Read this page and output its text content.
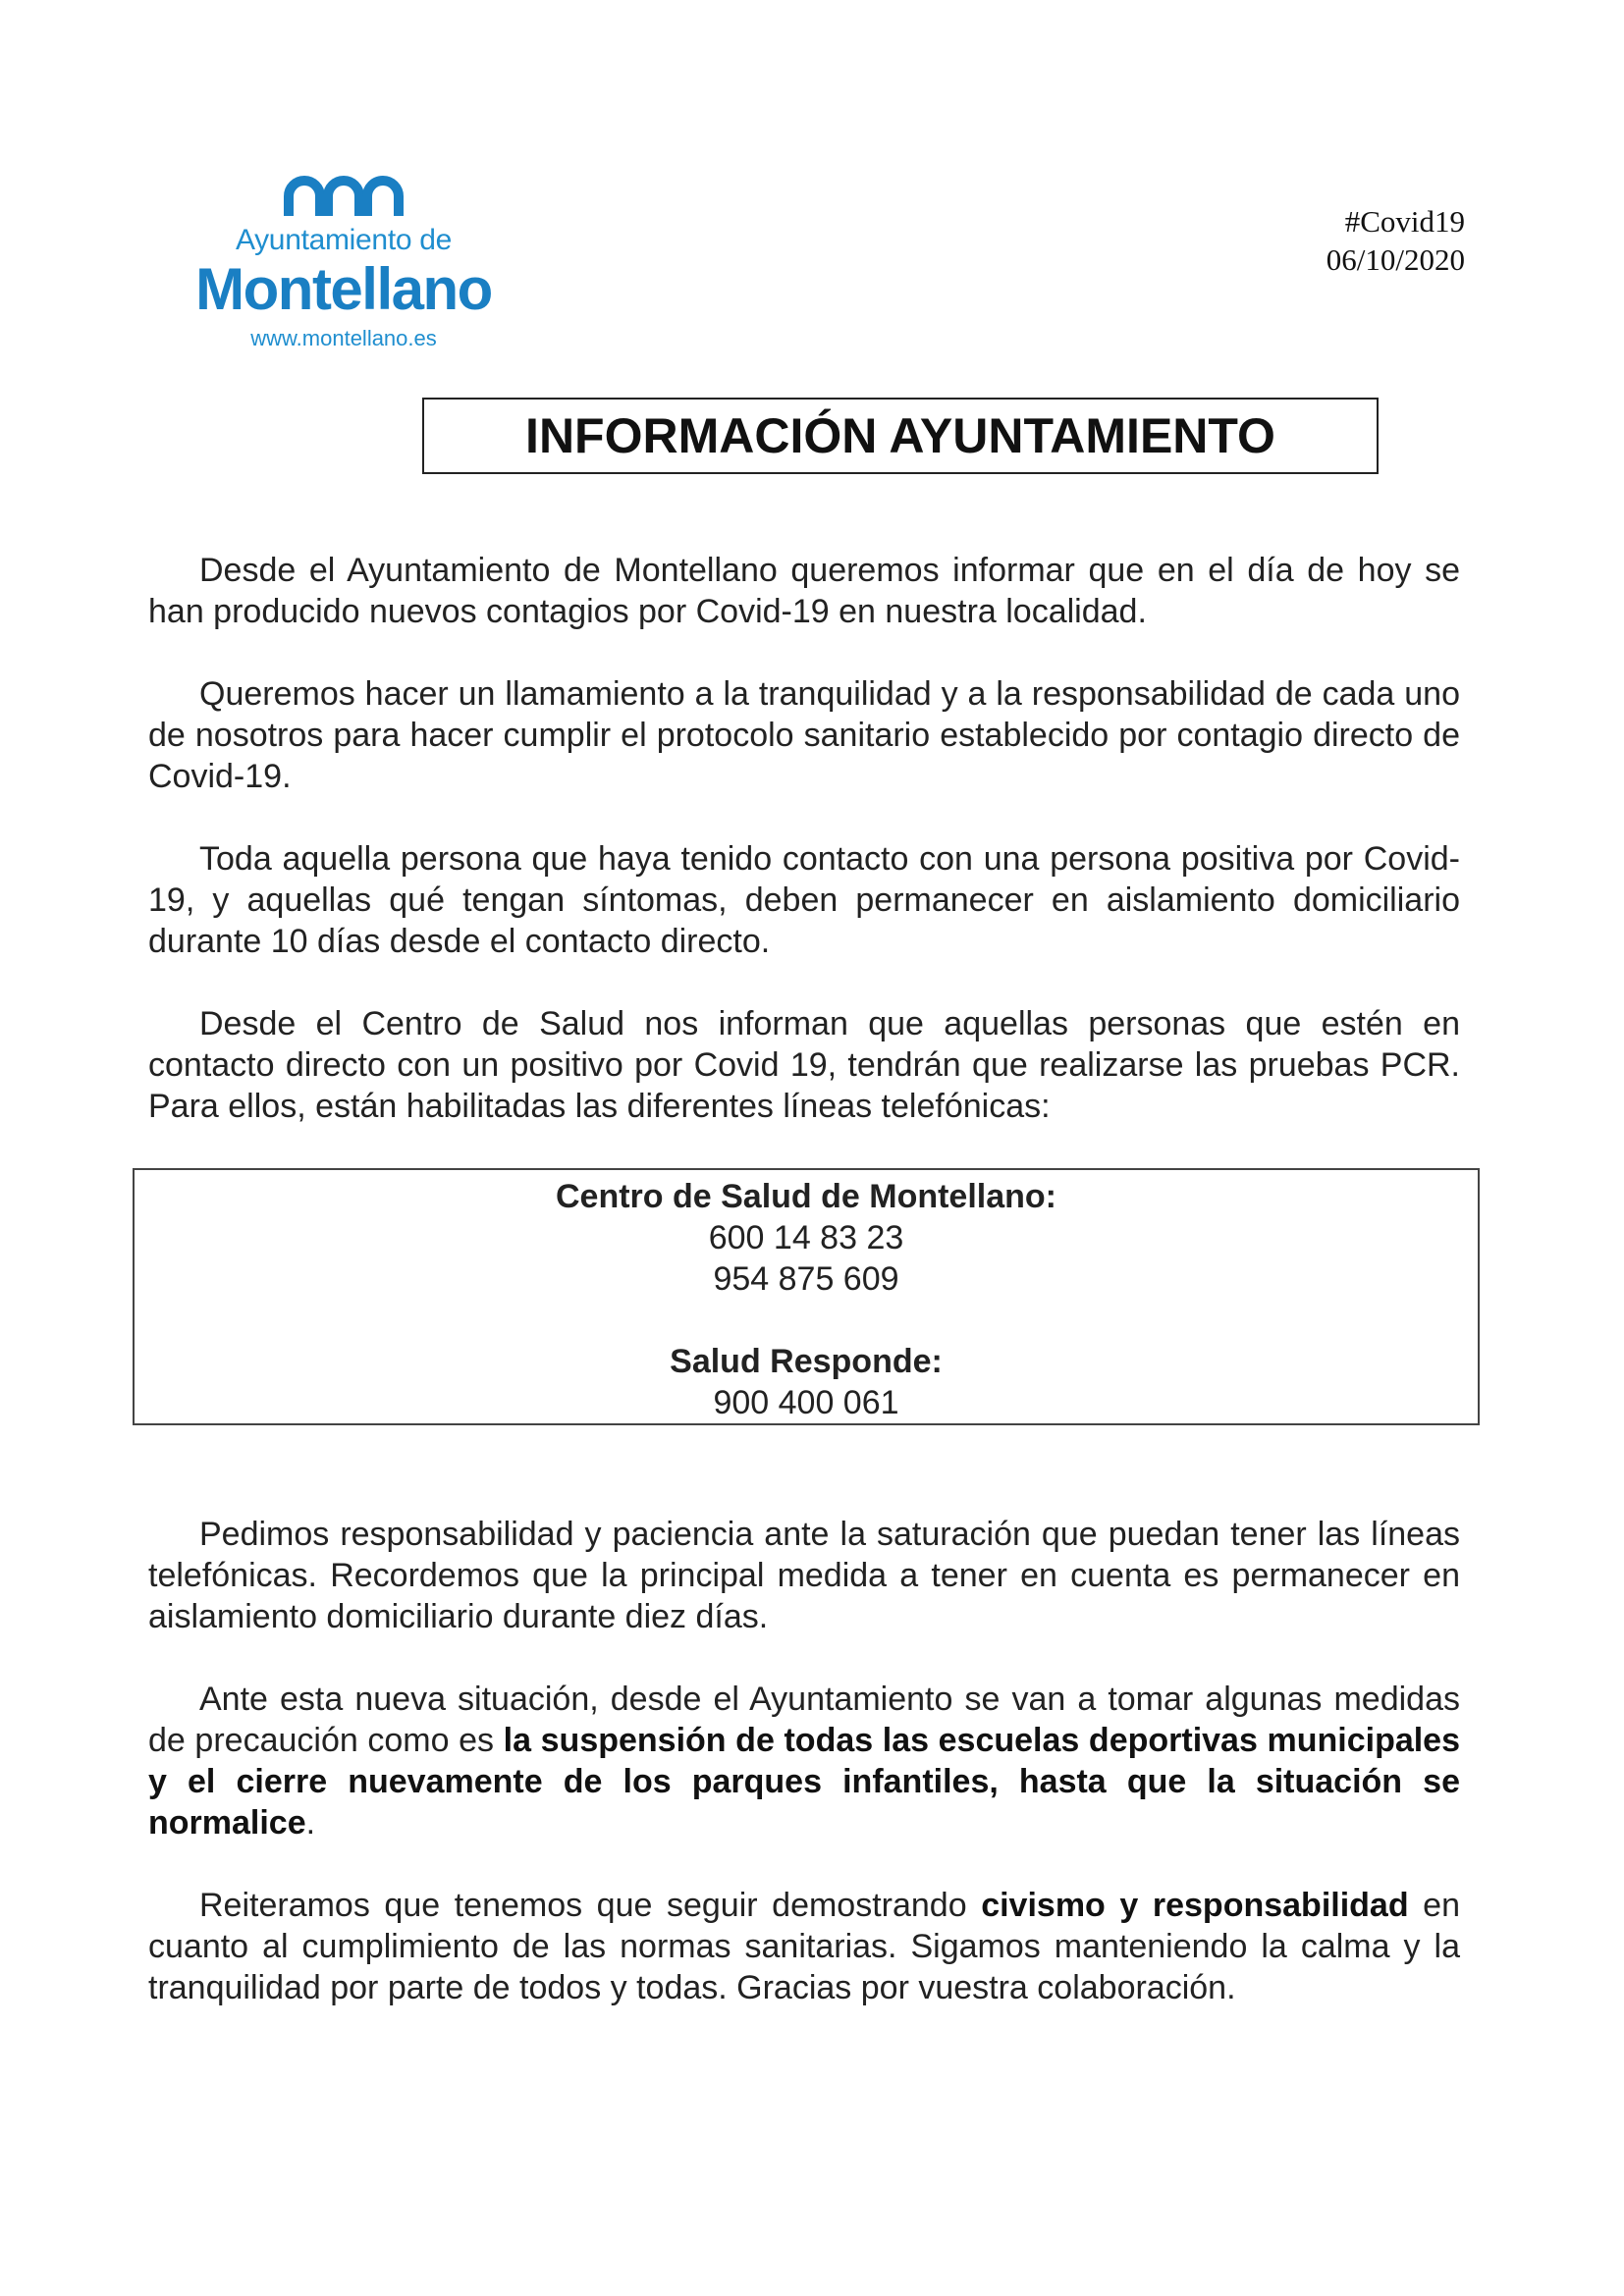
Ayuntamiento de
Montellano
www.montellano.es
#Covid19
06/10/2020
INFORMACIÓN AYUNTAMIENTO

Desde el Ayuntamiento de Montellano queremos informar que en el día de hoy se han producido nuevos contagios por Covid-19 en nuestra localidad.

Queremos hacer un llamamiento a la tranquilidad y a la responsabilidad de cada uno de nosotros para hacer cumplir el protocolo sanitario establecido por contagio directo de Covid-19.

Toda aquella persona que haya tenido contacto con una persona positiva por Covid-19, y aquellas qué tengan síntomas, deben permanecer en aislamiento domiciliario durante 10 días desde el contacto directo.

Desde el Centro de Salud nos informan que aquellas personas que estén en contacto directo con un positivo por Covid 19, tendrán que realizarse las pruebas PCR. Para ellos, están habilitadas las diferentes líneas telefónicas:

Centro de Salud de Montellano:
600 14 83 23
954 875 609
Salud Responde:
900 400 061

Pedimos responsabilidad y paciencia ante la saturación que puedan tener las líneas telefónicas. Recordemos que la principal medida a tener en cuenta es permanecer en aislamiento domiciliario durante diez días.

Ante esta nueva situación, desde el Ayuntamiento se van a tomar algunas medidas de precaución como es la suspensión de todas las escuelas deportivas municipales y el cierre nuevamente de los parques infantiles, hasta que la situación se normalice.

Reiteramos que tenemos que seguir demostrando civismo y responsabilidad en cuanto al cumplimiento de las normas sanitarias. Sigamos manteniendo la calma y la tranquilidad por parte de todos y todas. Gracias por vuestra colaboración.
